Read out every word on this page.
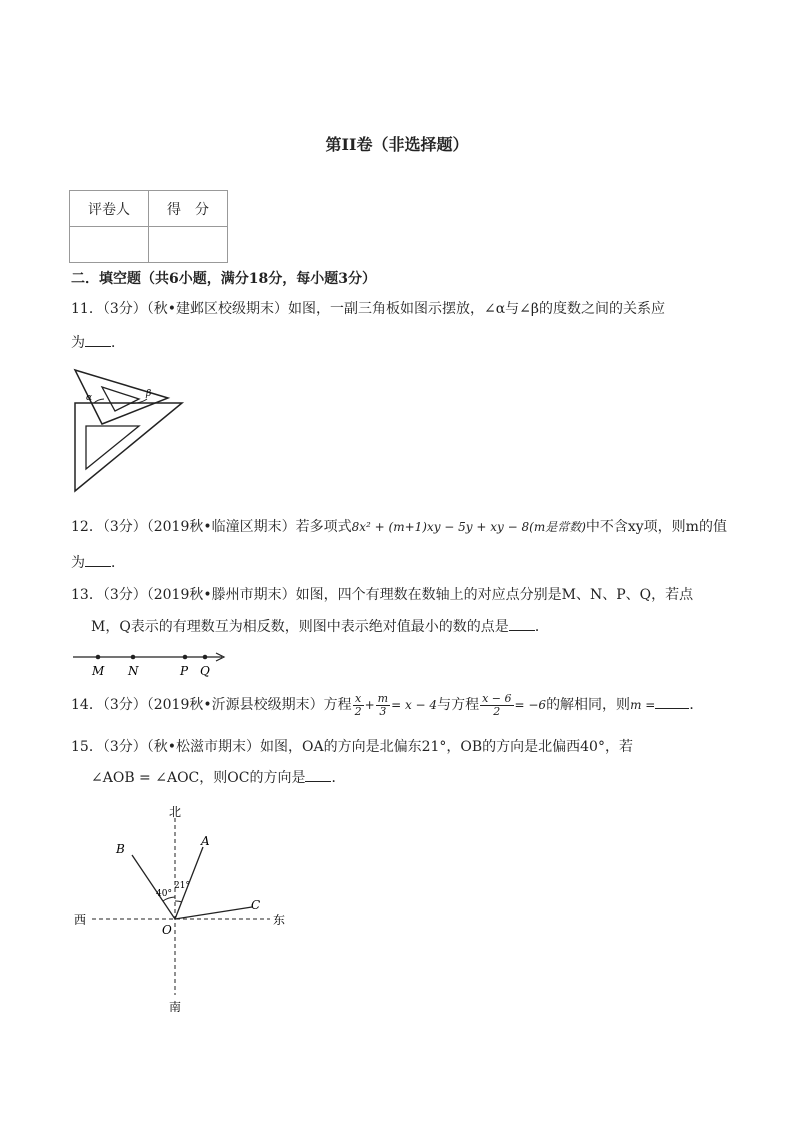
第II卷（非选择题）
评卷人	得　分

二．填空题（共6小题，满分18分，每小题3分）
11．（3分）（秋•建邺区校级期末）如图，一副三角板如图示摆放，∠α与∠β的度数之间的关系应
为 ．
α	β
12．（3分）（2019秋•临潼区期末）若多项式8x² + (m+1)xy − 5y + xy − 8(m是常数)中不含xy项，则m的值
为 ．
13．（3分）（2019秋•滕州市期末）如图，四个有理数在数轴上的对应点分别是M、N、P、Q，若点
M，Q表示的有理数互为相反数，则图中表示绝对值最小的数的点是 ．
M N	P Q
14．（3分）（2019秋•沂源县校级期末）方程 $\frac{x}{2} + \frac{m}{3} = x - 4$与方程 $\frac{x - 6}{2} = -6$的解相同，则m = ．
15．（3分）（秋•松滋市期末）如图，OA的方向是北偏东21°，OB的方向是北偏西40°，若
∠AOB = ∠AOC，则OC的方向是 ．
北
南
西	东
B
A
C
O
40°
21°
